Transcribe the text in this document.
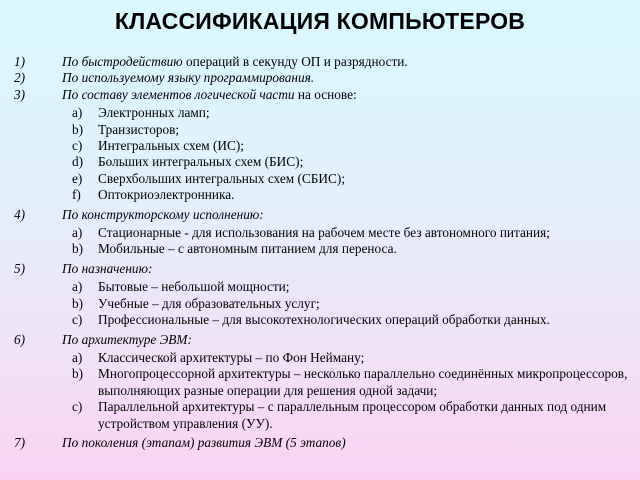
КЛАССИФИКАЦИЯ КОМПЬЮТЕРОВ
1)	По быстродействию операций в секунду ОП и разрядности.
2)	По используемому языку программирования.
3)	По составу элементов логической части на основе:
a) Электронных ламп;
b) Транзисторов;
c) Интегральных схем (ИС);
d) Больших интегральных схем (БИС);
e) Сверхбольших интегральных схем (СБИС);
f) Оптокриоэлектронника.
4)	По конструкторскому исполнению:
a) Стационарные - для использования на рабочем месте без автономного питания;
b) Мобильные – с автономным питанием для переноса.
5)	По назначению:
a) Бытовые – небольшой мощности;
b) Учебные – для образовательных услуг;
c) Профессиональные – для высокотехнологических операций обработки данных.
6)	По архитектуре ЭВМ:
a) Классической архитектуры – по Фон Нейману;
b) Многопроцессорной архитектуры – несколько параллельно соединённых микропроцессоров, выполняющих разные операции для решения одной задачи;
c) Параллельной архитектуры – с параллельным процессором обработки данных под одним устройством управления (УУ).
7)	По поколения (этапам) развития ЭВМ (5 этапов)
